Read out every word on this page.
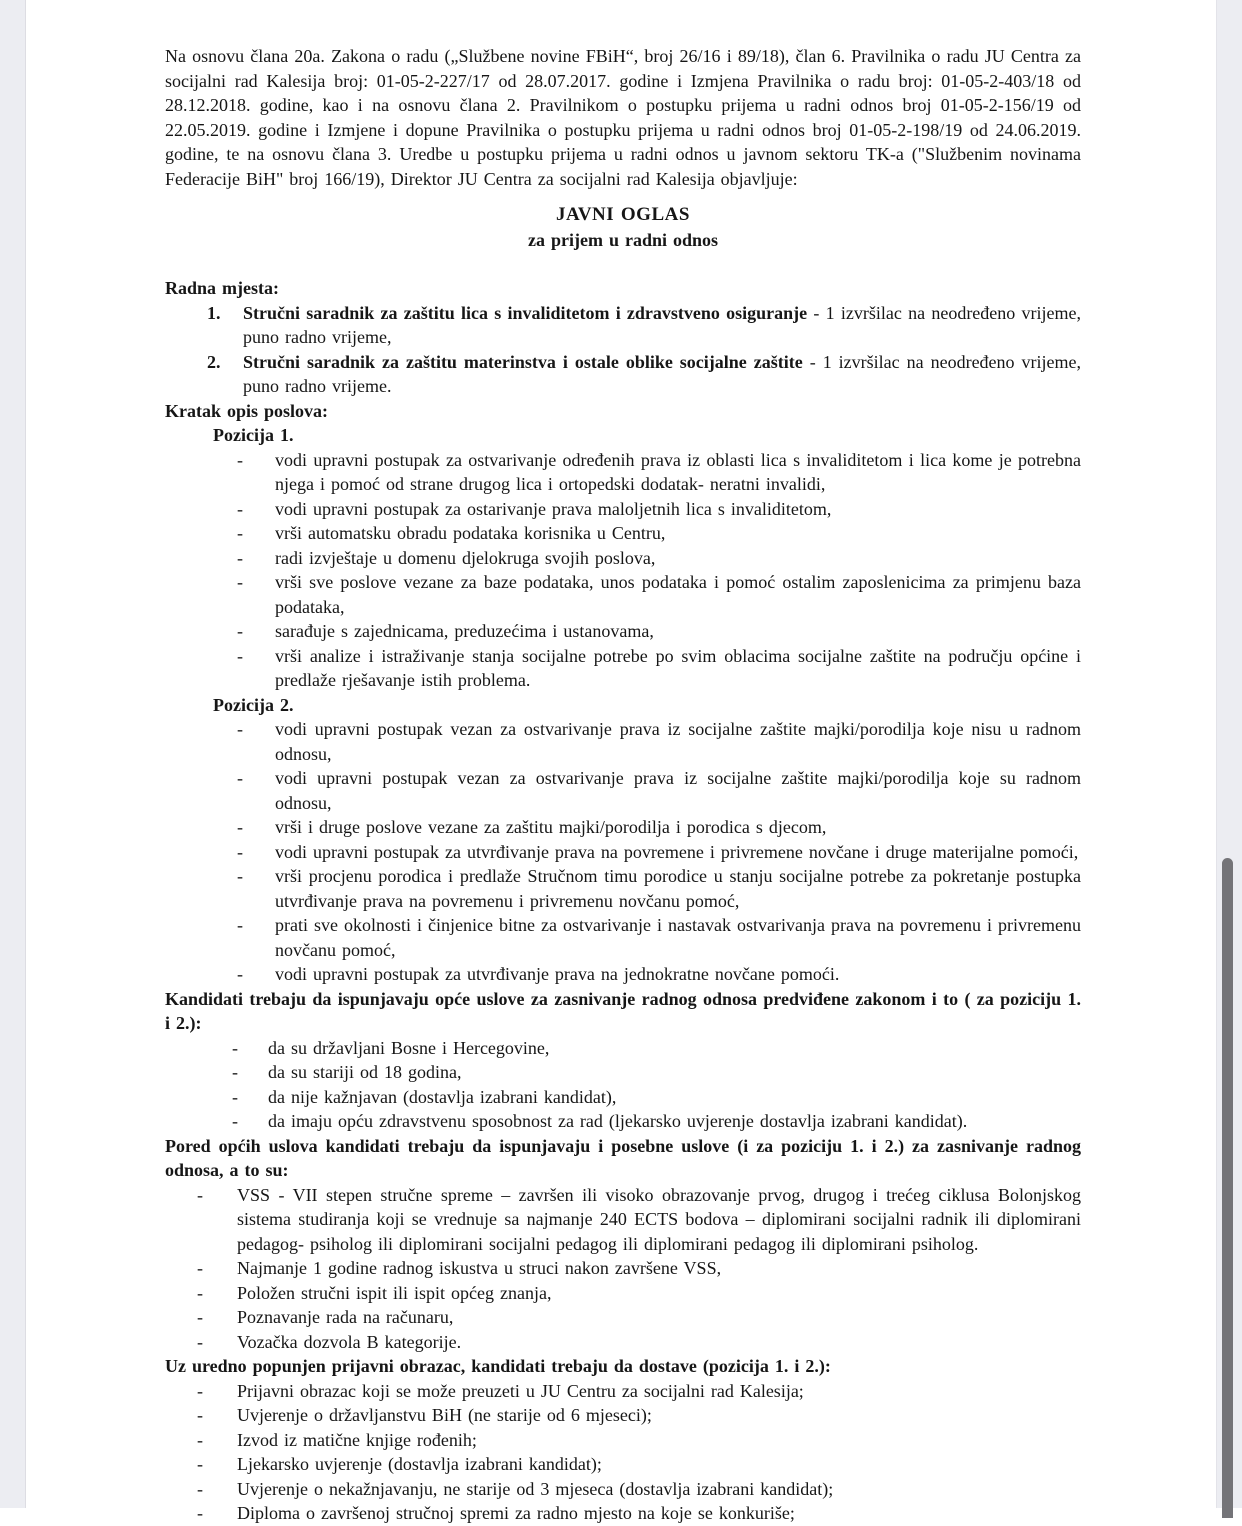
Na osnovu člana 20a. Zakona o radu („Službene novine FBiH“, broj 26/16 i 89/18), član 6. Pravilnika o radu JU Centra za socijalni rad Kalesija broj: 01-05-2-227/17 od 28.07.2017. godine i Izmjena Pravilnika o radu broj: 01-05-2-403/18 od 28.12.2018. godine, kao i na osnovu člana 2. Pravilnikom o postupku prijema u radni odnos broj 01-05-2-156/19 od 22.05.2019. godine i Izmjene i dopune Pravilnika o postupku prijema u radni odnos broj 01-05-2-198/19 od 24.06.2019. godine, te na osnovu člana 3. Uredbe u postupku prijema u radni odnos u javnom sektoru TK-a ("Službenim novinama Federacije BiH" broj 166/19), Direktor JU Centra za socijalni rad Kalesija objavljuje:

JAVNI OGLAS
za prijem u radni odnos
Radna mjesta:
1.	Stručni saradnik za zaštitu lica s invaliditetom i zdravstveno osiguranje - 1 izvršilac na neodređeno vrijeme, puno radno vrijeme,
2.	Stručni saradnik za zaštitu materinstva i ostale oblike socijalne zaštite - 1 izvršilac na neodređeno vrijeme, puno radno vrijeme.
Kratak opis poslova:
Pozicija 1.
-	vodi upravni postupak za ostvarivanje određenih prava iz oblasti lica s invaliditetom i lica kome je potrebna njega i pomoć od strane drugog lica i ortopedski dodatak- neratni invalidi,
-	vodi upravni postupak za ostarivanje prava maloljetnih lica s invaliditetom,
-	vrši automatsku obradu podataka korisnika u Centru,
-	radi izvještaje u domenu djelokruga svojih poslova,
-	vrši sve poslove vezane za baze podataka, unos podataka i pomoć ostalim zaposlenicima za primjenu baza podataka,
-	sarađuje s zajednicama, preduzećima i ustanovama,
-	vrši analize i istraživanje stanja socijalne potrebe po svim oblacima socijalne zaštite na području općine i predlaže rješavanje istih problema.
Pozicija 2.
-	vodi upravni postupak vezan za ostvarivanje prava iz socijalne zaštite majki/porodilja koje nisu u radnom odnosu,
-	vodi upravni postupak vezan za ostvarivanje prava iz socijalne zaštite majki/porodilja koje su radnom odnosu,
-	vrši i druge poslove vezane za zaštitu majki/porodilja i porodica s djecom,
-	vodi upravni postupak za utvrđivanje prava na povremene i privremene novčane i druge materijalne pomoći,
-	vrši procjenu porodica i predlaže Stručnom timu porodice u stanju socijalne potrebe za pokretanje postupka utvrđivanje prava na povremenu i privremenu novčanu pomoć,
-	prati sve okolnosti i činjenice bitne za ostvarivanje i nastavak ostvarivanja prava na povremenu i privremenu novčanu pomoć,
-	vodi upravni postupak za utvrđivanje prava na jednokratne novčane pomoći.
Kandidati trebaju da ispunjavaju opće uslove za zasnivanje radnog odnosa predviđene zakonom i to ( za poziciju 1. i 2.):
-	da su državljani Bosne i Hercegovine,
-	da su stariji od 18 godina,
-	da nije kažnjavan (dostavlja izabrani kandidat),
-	da imaju opću zdravstvenu sposobnost za rad (ljekarsko uvjerenje dostavlja izabrani kandidat).
Pored općih uslova kandidati trebaju da ispunjavaju i posebne uslove (i za poziciju 1. i 2.) za zasnivanje radnog odnosa, a to su:
-	VSS - VII stepen stručne spreme – završen ili visoko obrazovanje prvog, drugog i trećeg ciklusa Bolonjskog sistema studiranja koji se vrednuje sa najmanje 240 ECTS bodova – diplomirani socijalni radnik ili diplomirani pedagog- psiholog ili diplomirani socijalni pedagog ili diplomirani pedagog ili diplomirani psiholog.
-	Najmanje 1 godine radnog iskustva u struci nakon završene VSS,
-	Položen stručni ispit ili ispit općeg znanja,
-	Poznavanje rada na računaru,
-	Vozačka dozvola B kategorije.
Uz uredno popunjen prijavni obrazac, kandidati trebaju da dostave (pozicija 1. i 2.):
-	Prijavni obrazac koji se može preuzeti u JU Centru za socijalni rad Kalesija;
-	Uvjerenje o državljanstvu BiH (ne starije od 6 mjeseci);
-	Izvod iz matične knjige rođenih;
-	Ljekarsko uvjerenje (dostavlja izabrani kandidat);
-	Uvjerenje o nekažnjavanju, ne starije od 3 mjeseca (dostavlja izabrani kandidat);
-	Diploma o završenoj stručnoj spremi za radno mjesto na koje se konkuriše;
